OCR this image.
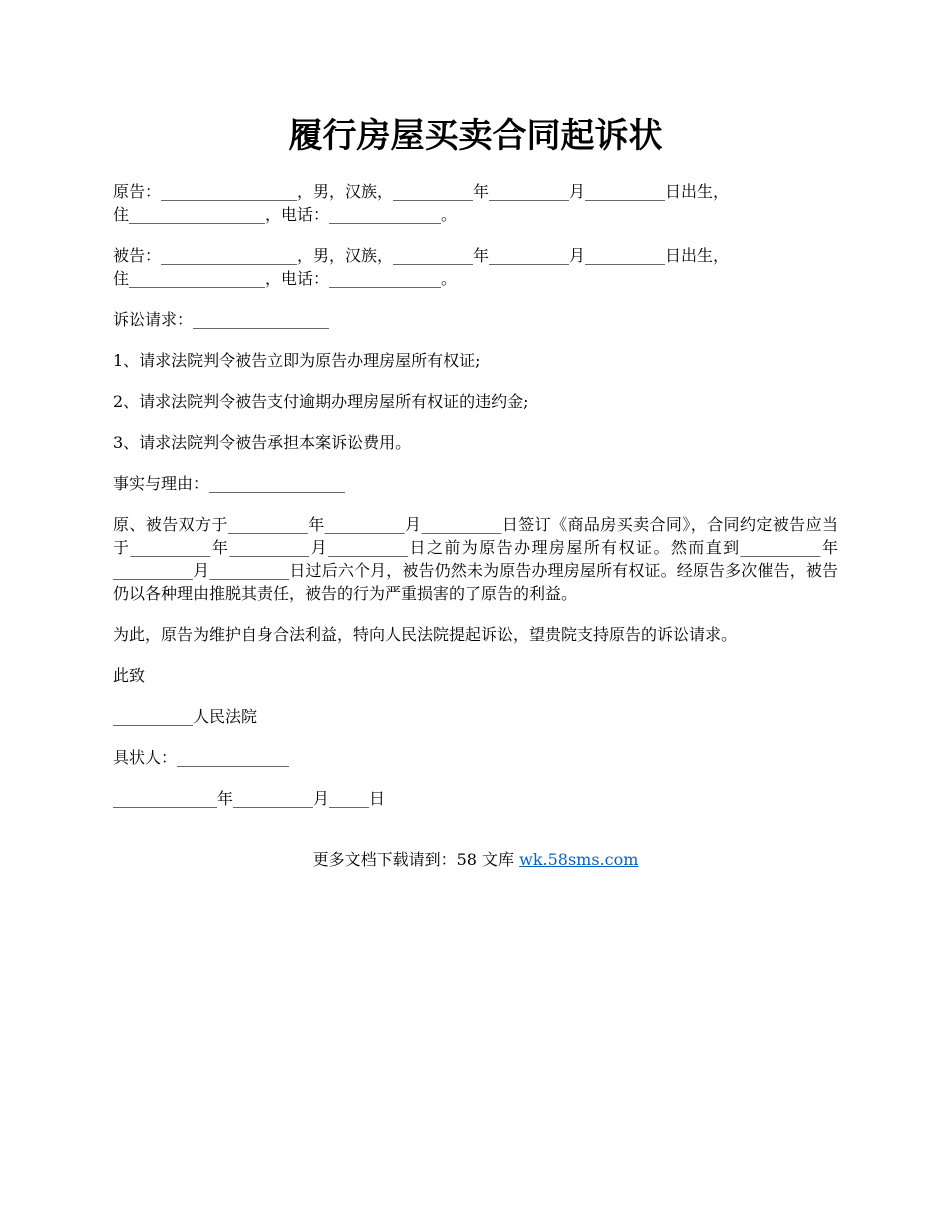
履行房屋买卖合同起诉状
原告：_________________，男，汉族，__________年__________月__________日出生，
住_________________，电话：______________。
被告：_________________，男，汉族，__________年__________月__________日出生，
住_________________，电话：______________。
诉讼请求：_________________
1、请求法院判令被告立即为原告办理房屋所有权证;
2、请求法院判令被告支付逾期办理房屋所有权证的违约金;
3、请求法院判令被告承担本案诉讼费用。
事实与理由：_________________
原、被告双方于__________年__________月__________日签订《商品房买卖合同》，合同约定被告应当于__________年__________月__________日之前为原告办理房屋所有权证。然而直到__________年__________月__________日过后六个月，被告仍然未为原告办理房屋所有权证。经原告多次催告，被告仍以各种理由推脱其责任，被告的行为严重损害的了原告的利益。
为此，原告为维护自身合法利益，特向人民法院提起诉讼，望贵院支持原告的诉讼请求。
此致
__________人民法院
具状人：______________
_____________年__________月_____日
更多文档下载请到：58 文库 wk.58sms.com
